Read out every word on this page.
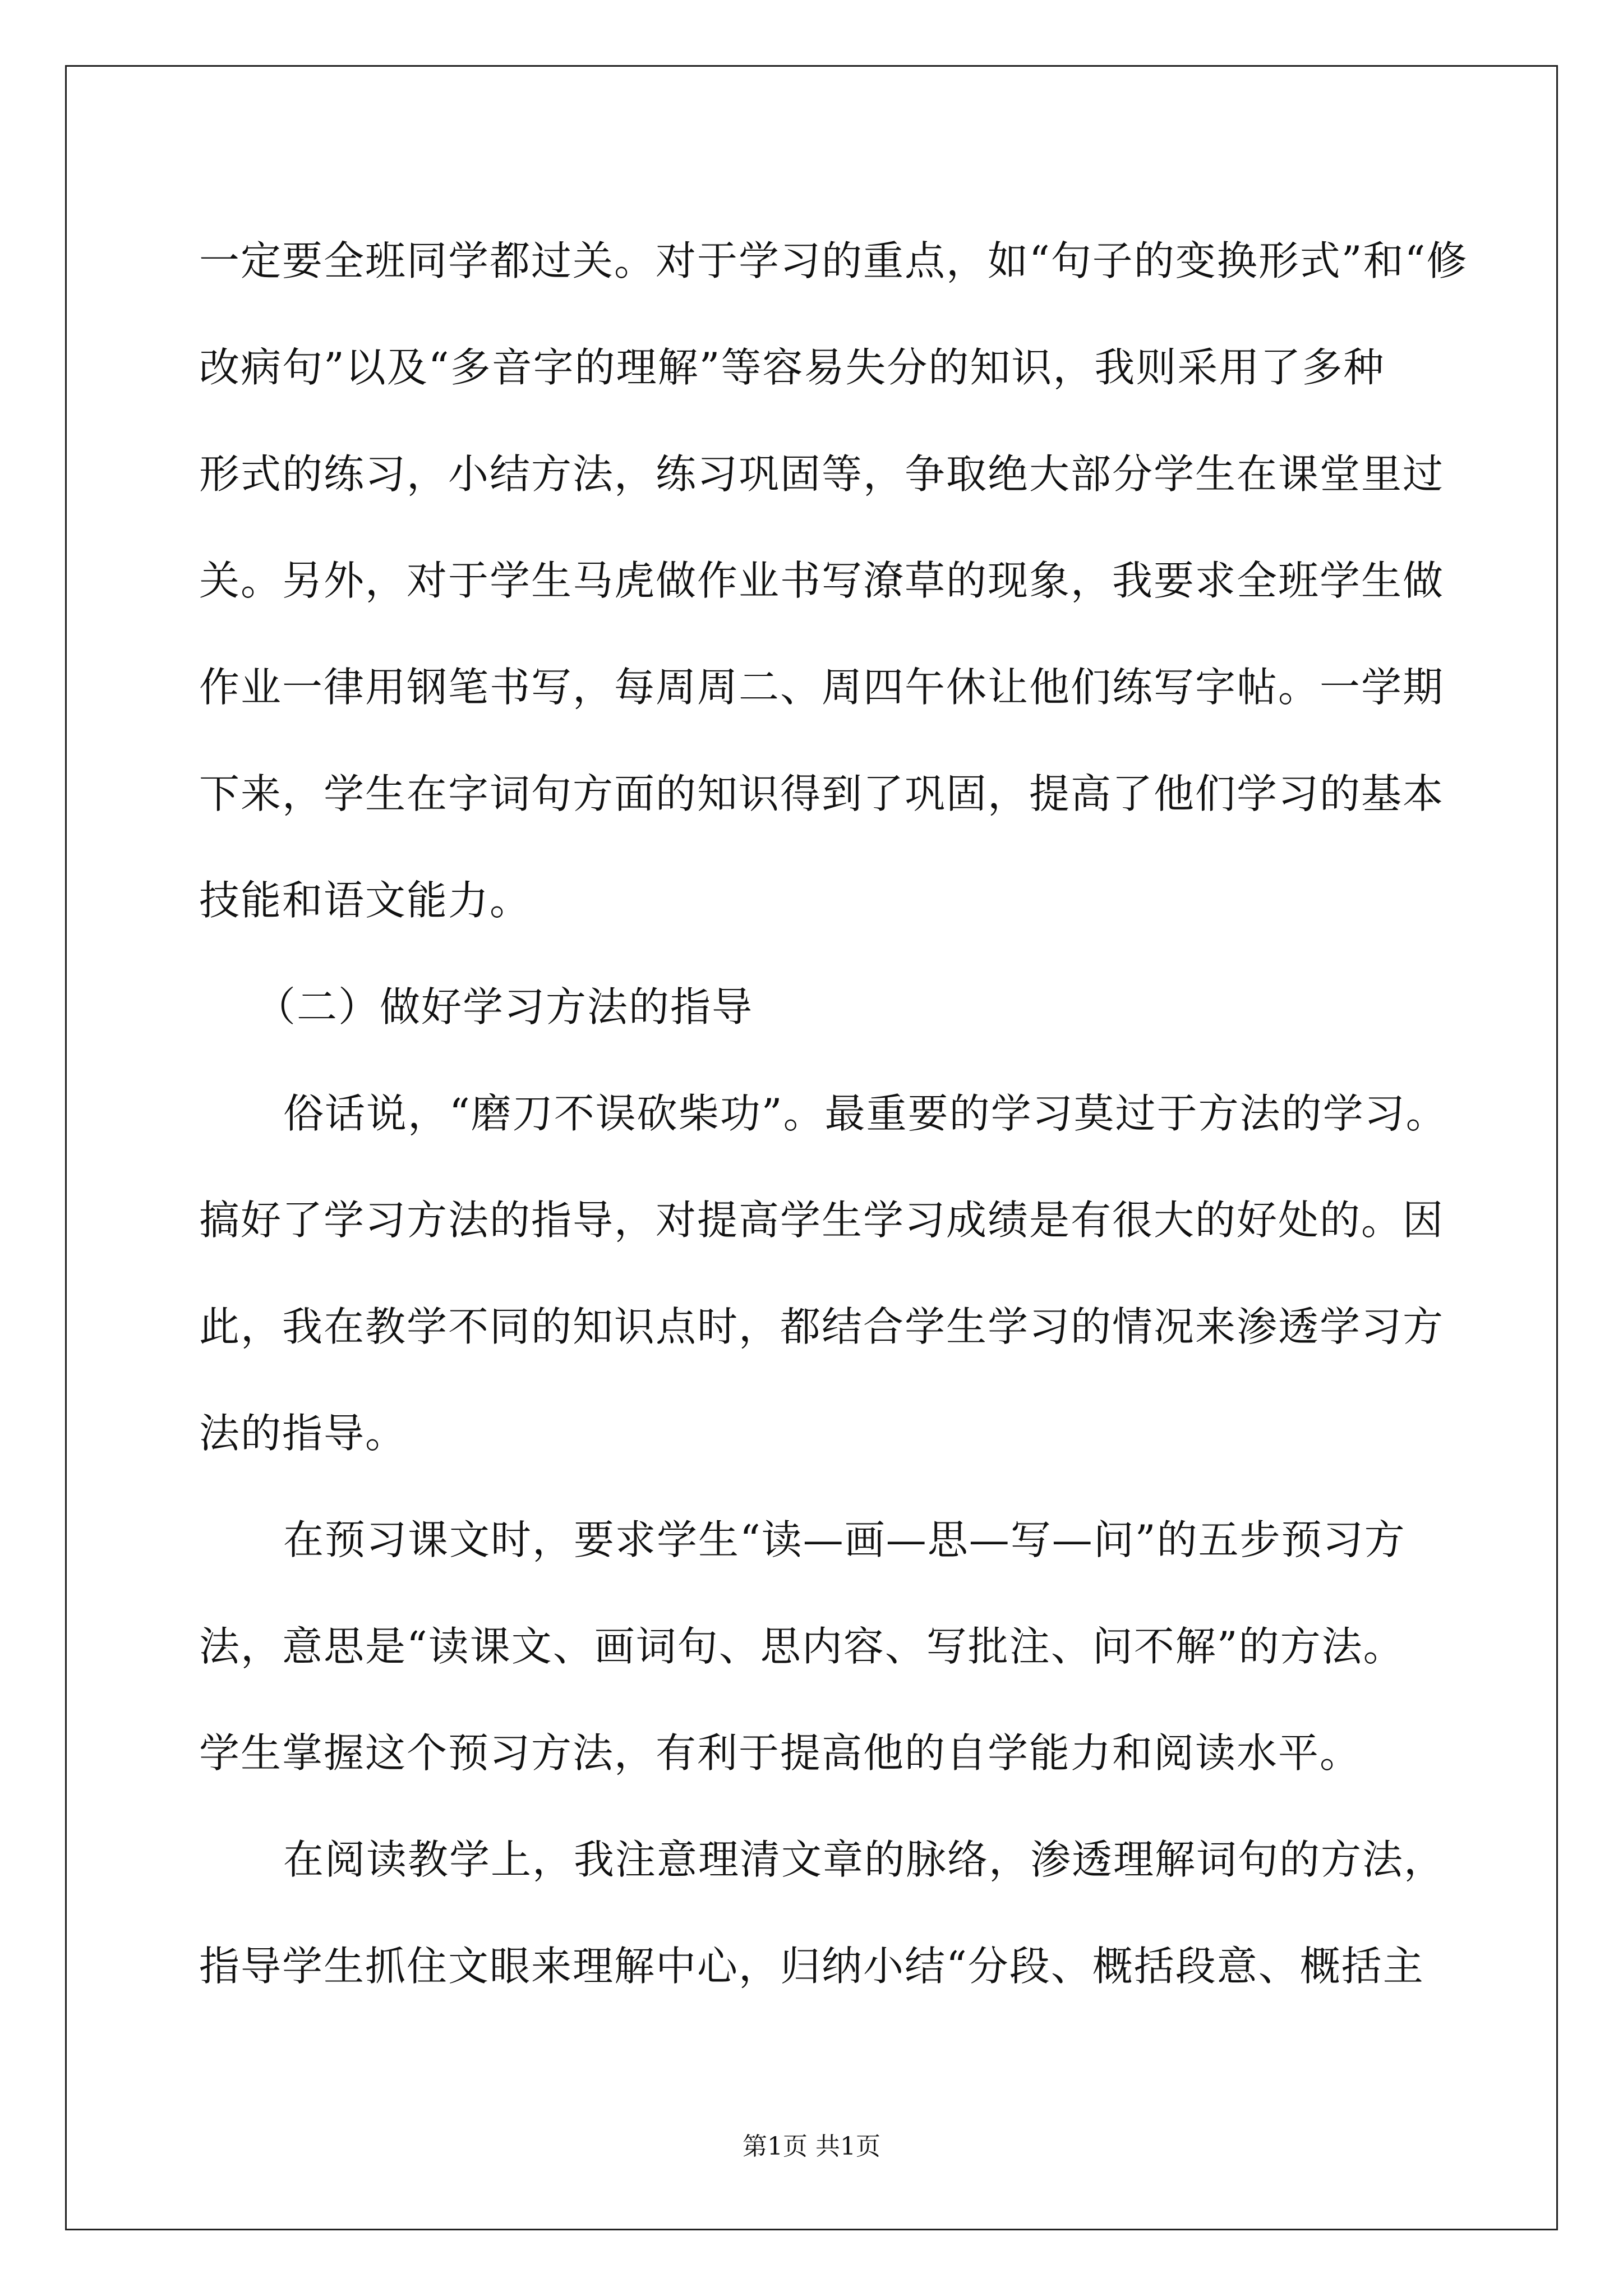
一定要全班同学都过关。对于学习的重点，如“句子的变换形式”和“修
改病句”以及“多音字的理解”等容易失分的知识，我则采用了多种
形式的练习，小结方法，练习巩固等，争取绝大部分学生在课堂里过
关。另外，对于学生马虎做作业书写潦草的现象，我要求全班学生做
作业一律用钢笔书写，每周周二、周四午休让他们练写字帖。一学期
下来，学生在字词句方面的知识得到了巩固，提高了他们学习的基本
技能和语文能力。
（二）做好学习方法的指导
俗话说，“磨刀不误砍柴功”。最重要的学习莫过于方法的学习。
搞好了学习方法的指导，对提高学生学习成绩是有很大的好处的。因
此，我在教学不同的知识点时，都结合学生学习的情况来渗透学习方
法的指导。
在预习课文时，要求学生“读—画—思—写—问”的五步预习方
法，意思是“读课文、画词句、思内容、写批注、问不解”的方法。
学生掌握这个预习方法，有利于提高他的自学能力和阅读水平。
在阅读教学上，我注意理清文章的脉络，渗透理解词句的方法，
指导学生抓住文眼来理解中心，归纳小结“分段、概括段意、概括主
第1页 共1页
